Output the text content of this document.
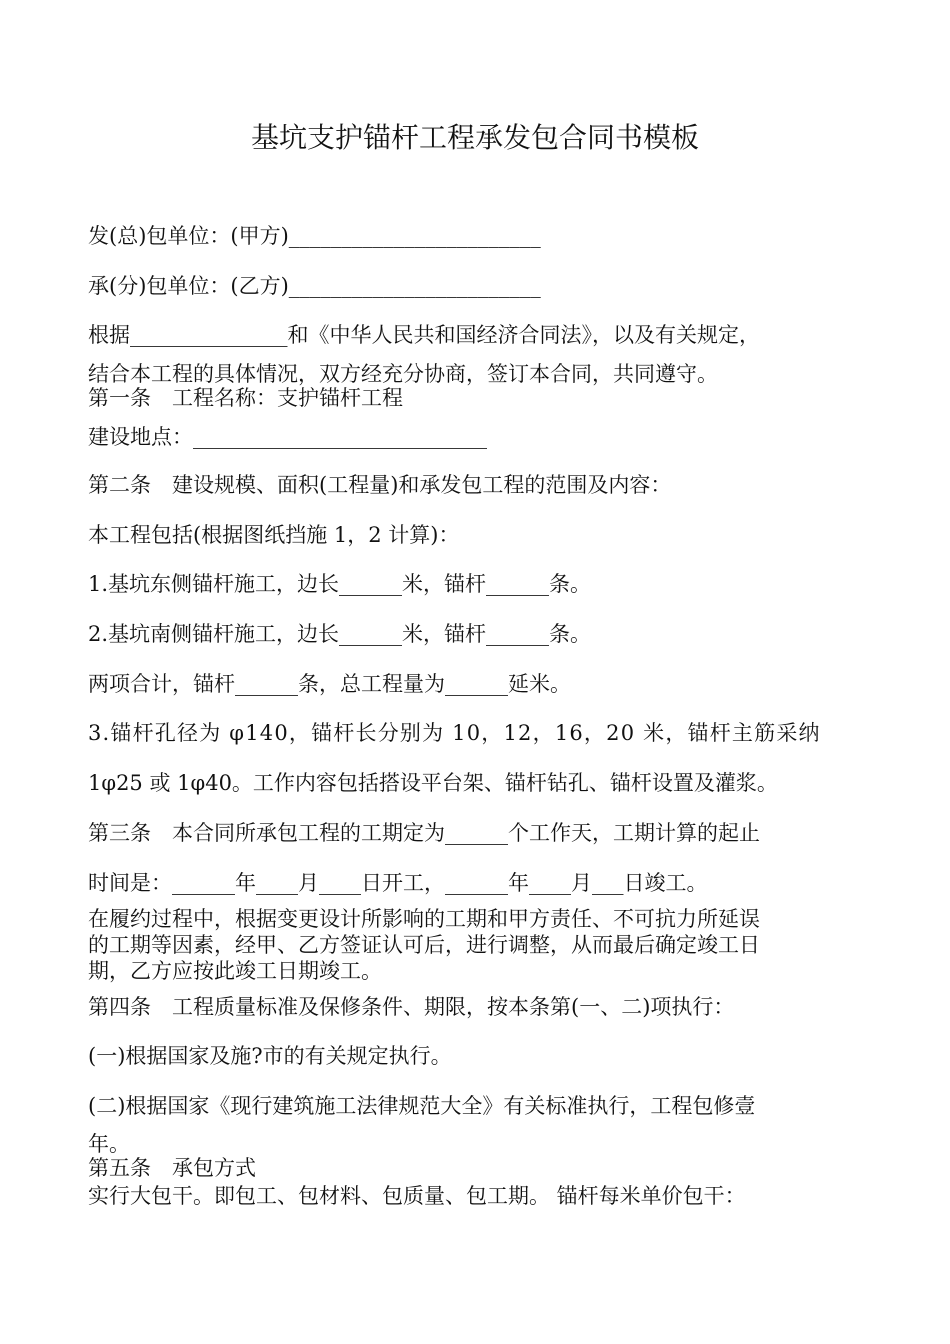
基坑支护锚杆工程承发包合同书模板
发(总)包单位：(甲方)________________________
承(分)包单位：(乙方)________________________
根据_______________和《中华人民共和国经济合同法》，以及有关规定，
结合本工程的具体情况，双方经充分协商，签订本合同，共同遵守。
第一条　工程名称：支护锚杆工程
建设地点：____________________________
第二条　建设规模、面积(工程量)和承发包工程的范围及内容：
本工程包括(根据图纸挡施 1，2 计算)：
1.基坑东侧锚杆施工，边长______米，锚杆______条。
2.基坑南侧锚杆施工，边长______米，锚杆______条。
两项合计，锚杆______条，总工程量为______延米。
3.锚杆孔径为 φ140，锚杆长分别为 10，12，16，20 米，锚杆主筋采纳
1φ25 或 1φ40。工作内容包括搭设平台架、锚杆钻孔、锚杆设置及灌浆。
第三条　本合同所承包工程的工期定为______个工作天，工期计算的起止
时间是：______年____月____日开工，______年____月___日竣工。
在履约过程中，根据变更设计所影响的工期和甲方责任、不可抗力所延误
的工期等因素，经甲、乙方签证认可后，进行调整，从而最后确定竣工日
期，乙方应按此竣工日期竣工。
第四条　工程质量标准及保修条件、期限，按本条第(一、二)项执行：
(一)根据国家及施?市的有关规定执行。
(二)根据国家《现行建筑施工法律规范大全》有关标准执行，工程包修壹
年。
第五条　承包方式
实行大包干。即包工、包材料、包质量、包工期。 锚杆每米单价包干：
